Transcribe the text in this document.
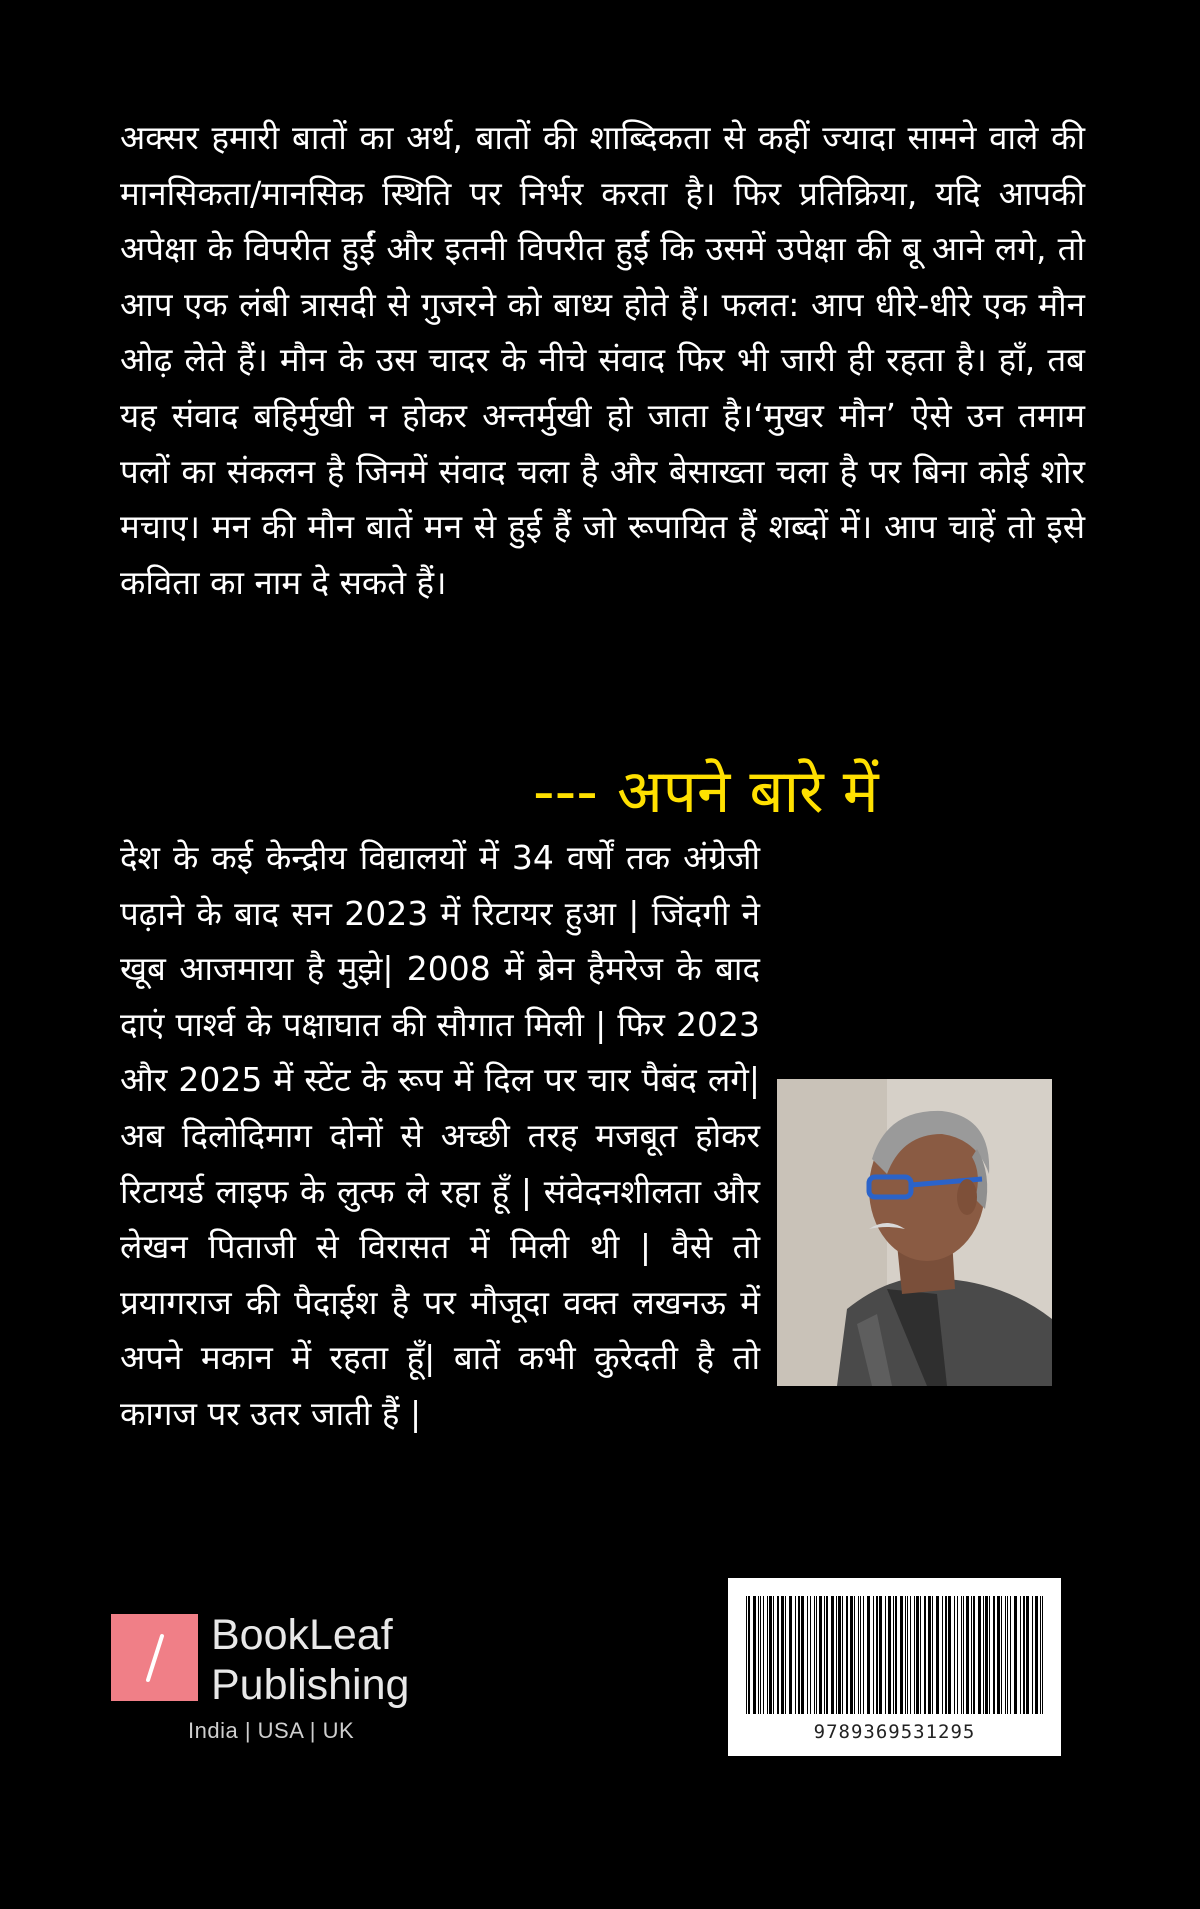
अक्सर हमारी बातों का अर्थ, बातों की शाब्दिकता से कहीं ज्यादा सामने वाले की मानसिकता/मानसिक स्थिति पर निर्भर करता है। फिर प्रतिक्रिया, यदि आपकी अपेक्षा के विपरीत हुईं और इतनी विपरीत हुईं कि उसमें उपेक्षा की बू आने लगे, तो आप एक लंबी त्रासदी से गुजरने को बाध्य होते हैं। फलत: आप धीरे-धीरे एक मौन ओढ़ लेते हैं। मौन के उस चादर के नीचे संवाद फिर भी जारी ही रहता है। हाँ, तब यह संवाद बहिर्मुखी न होकर अन्तर्मुखी हो जाता है।‘मुखर मौन’ ऐसे उन तमाम पलों का संकलन है जिनमें संवाद चला है और बेसाख्ता चला है पर बिना कोई शोर मचाए। मन की मौन बातें मन से हुई हैं जो रूपायित हैं शब्दों में। आप चाहें तो इसे कविता का नाम दे सकते हैं।

--- अपने बारे में

देश के कई केन्द्रीय विद्यालयों में 34 वर्षों तक अंग्रेजी पढ़ाने के बाद सन 2023 में रिटायर हुआ | जिंदगी ने खूब आजमाया है मुझे| 2008 में ब्रेन हैमरेज के बाद दाएं पार्श्व के पक्षाघात की सौगात मिली | फिर 2023 और 2025 में स्टेंट के रूप में दिल पर चार पैबंद लगे| अब दिलोदिमाग दोनों से अच्छी तरह मजबूत होकर रिटायर्ड लाइफ के लुत्फ ले रहा हूँ | संवेदनशीलता और लेखन पिताजी से विरासत में मिली थी | वैसे तो प्रयागराज की पैदाईश है पर मौजूदा वक्त लखनऊ में अपने मकान में रहता हूँ| बातें कभी कुरेदती है तो कागज पर उतर जाती हैं |

BookLeaf
Publishing

India | USA | UK	9789369531295
